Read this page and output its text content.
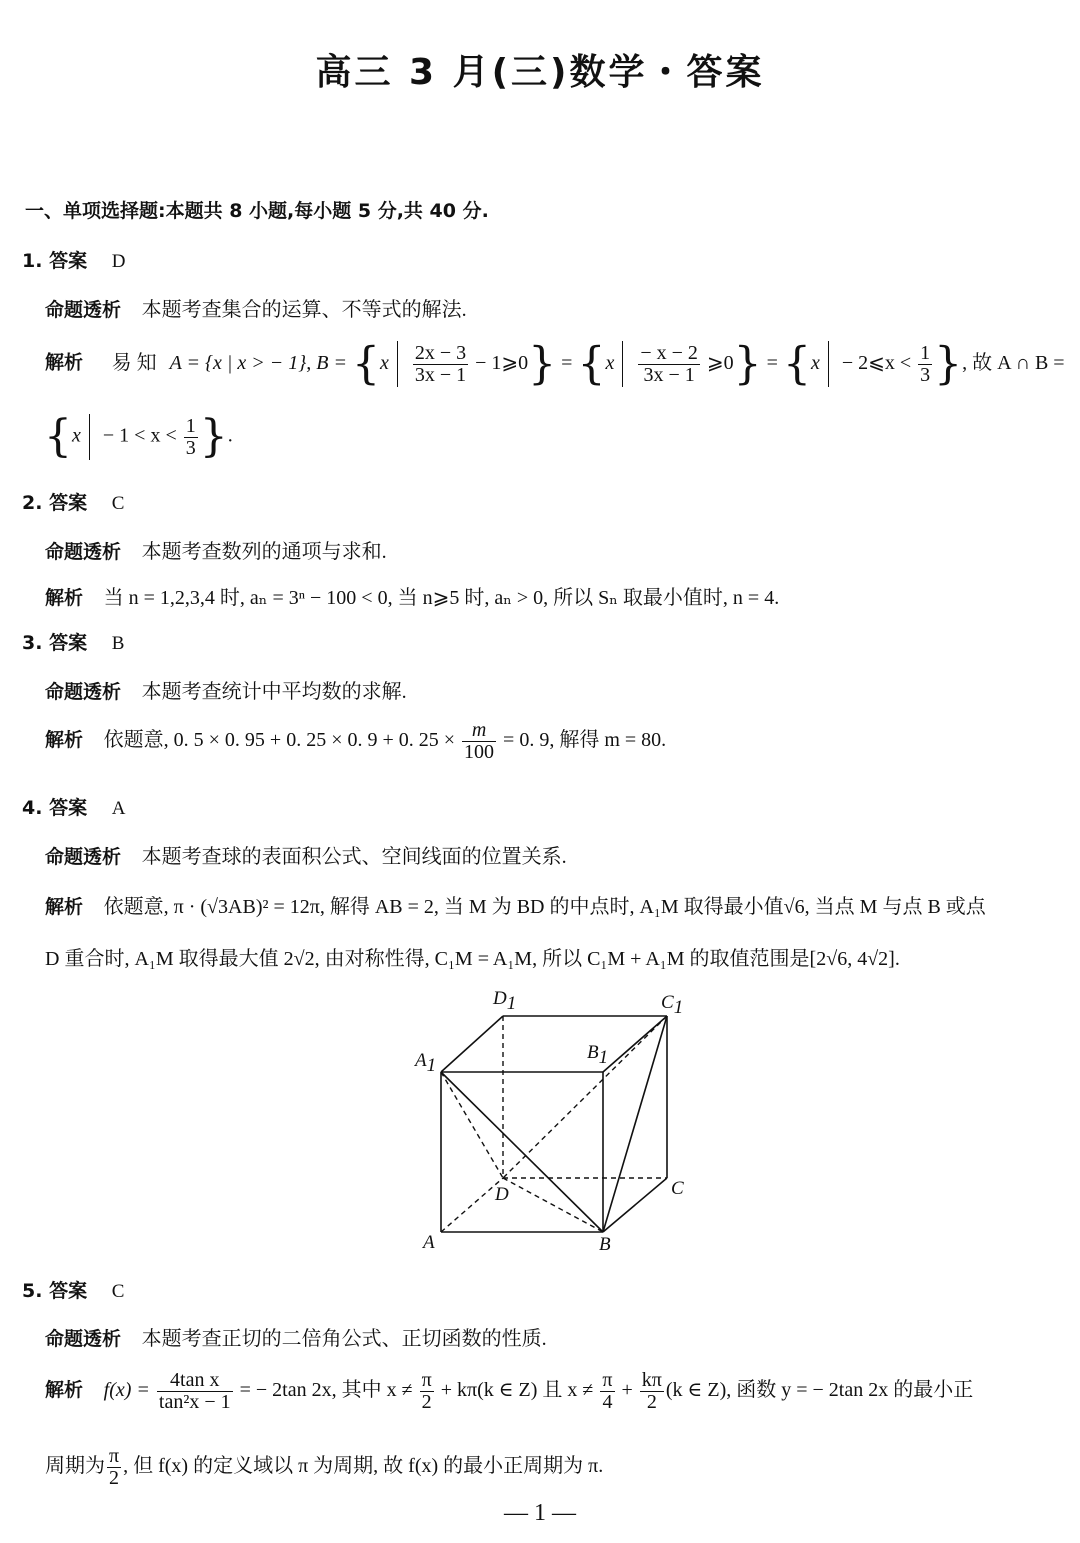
高三 3 月(三)数学・答案
一、单项选择题:本题共 8 小题,每小题 5 分,共 40 分.
1. 答案 D
命题透析 本题考查集合的运算、不等式的解法.
解析 易 知 A = {x | x > − 1}, $B = \{x \frac{2x - 3}{3x - 1}$ − 1⩾0} = {$x \frac{- x - 2}{3x - 1}$ ⩾0} = {x − 2⩽x < $\frac{1}{3}$ }, 故 A ∩ B =
{$x - 1 < x < \frac{1}{3}$ }.
2. 答案 C
命题透析 本题考查数列的通项与求和.
解析 当 n = 1,2,3,4 时, aₙ = 3ⁿ − 100 < 0, 当 n⩾5 时, aₙ > 0, 所以 Sₙ 取最小值时, n = 4.
3. 答案 B
命题透析 本题考查统计中平均数的求解.
解析 依题意, 0. 5 × 0. 95 + 0. 25 × 0. 9 + 0. $25 \times \frac{m}{100} = 0$. 9, 解得 m = 80.
4. 答案 A
命题透析 本题考查球的表面积公式、空间线面的位置关系.
解析 依题意, π · (√3AB)² = 12π, 解得 AB = 2, 当 M 为 BD 的中点时, A₁M 取得最小值√6, 当点 M 与点 B 或点
D 重合时, A₁M 取得最大值 2√2, 由对称性得, C₁M = A₁M, 所以 C₁M + A₁M 的取值范围是[2√6, 4√2].
D1	C1
A1
B1
D	C
A	B
5. 答案 C
命题透析 本题考查正切的二倍角公式、正切函数的性质.
解析 $f(x) = \frac{\text{4tan x}}{\text{tan²x − 1}}$ = − 2tan 2x, 其中 $x \ne \frac{\pi}{2} + k\pi(k$ ∈ Z) 且 $x \ne \frac{\pi}{4} + \frac{k\pi}{2} (k$ ∈ Z), 函数 y = − 2tan 2x 的最小正
周期为 $\frac{\pi}{2}$ , 但 f(x) 的定义域以 π 为周期, 故 f(x) 的最小正周期为 π.
— 1 —
